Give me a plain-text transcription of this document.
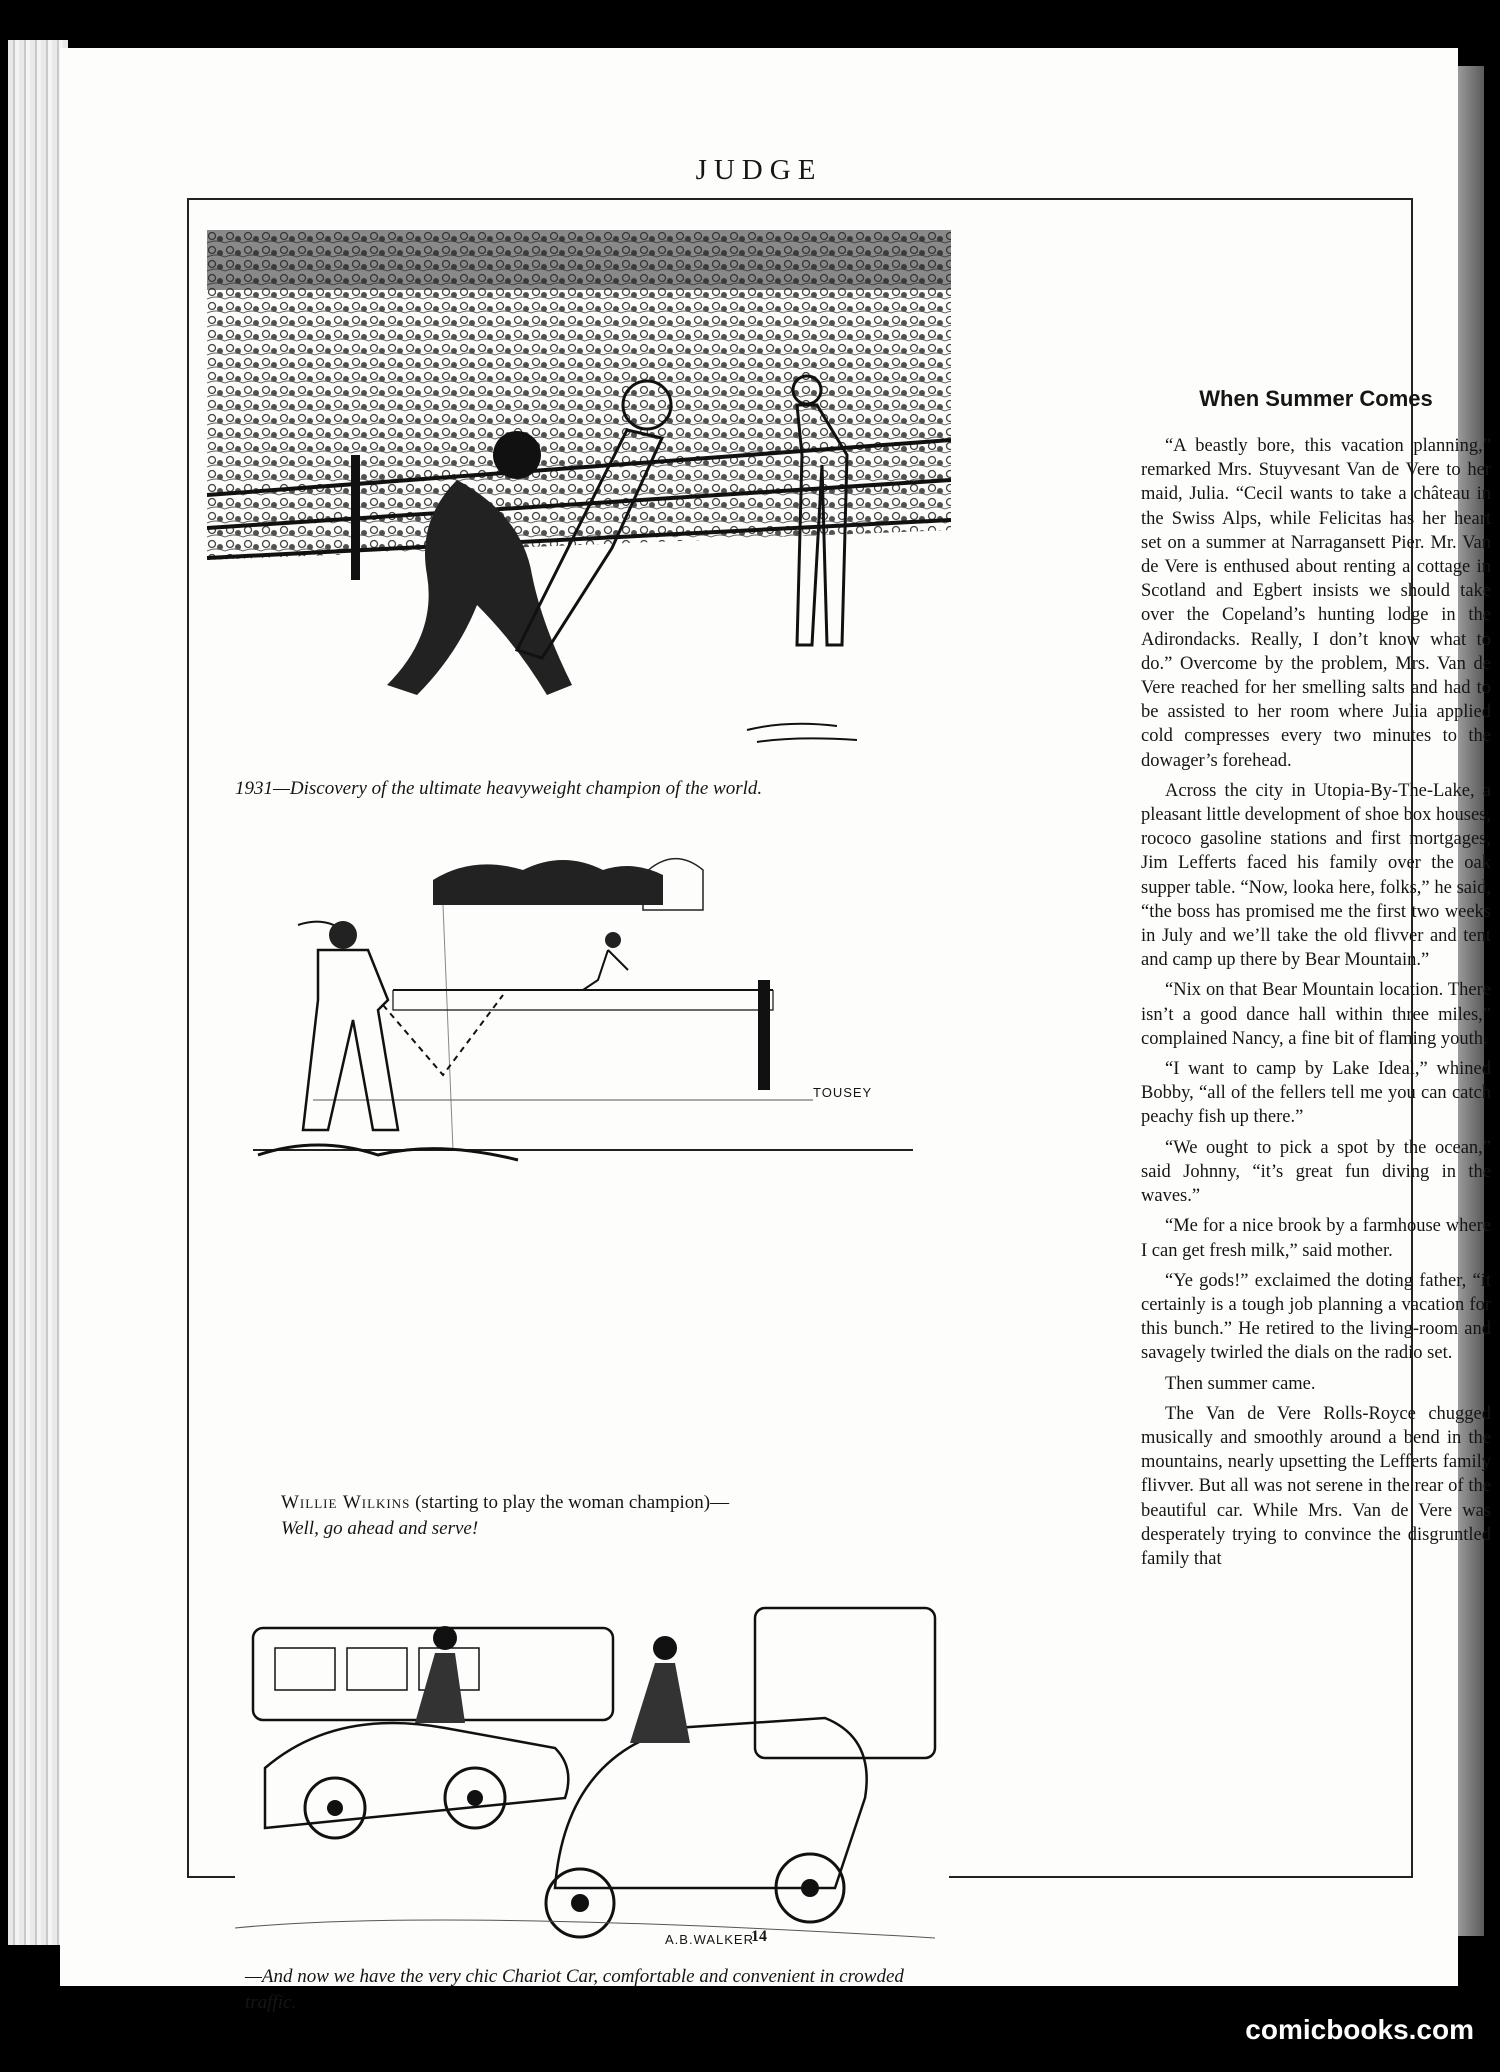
JUDGE
1931—Discovery of the ultimate heavyweight champion of the world.
TOUSEY
Willie Wilkins (starting to play the woman champion)—
Well, go ahead and serve!
A.B.WALKER
—And now we have the very chic Chariot Car, comfortable and convenient in crowded traffic.
When Summer Comes

“A beastly bore, this vacation planning,” remarked Mrs. Stuyvesant Van de Vere to her maid, Julia. “Cecil wants to take a château in the Swiss Alps, while Felicitas has her heart set on a summer at Narragansett Pier. Mr. Van de Vere is enthused about renting a cottage in Scotland and Egbert insists we should take over the Copeland’s hunting lodge in the Adirondacks. Really, I don’t know what to do.” Overcome by the problem, Mrs. Van de Vere reached for her smelling salts and had to be assisted to her room where Julia applied cold compresses every two minutes to the dowager’s forehead.

Across the city in Utopia-By-The-Lake, a pleasant little development of shoe box houses, rococo gasoline stations and first mortgages, Jim Lefferts faced his family over the oak supper table. “Now, looka here, folks,” he said, “the boss has promised me the first two weeks in July and we’ll take the old flivver and tent and camp up there by Bear Mountain.”

“Nix on that Bear Mountain location. There isn’t a good dance hall within three miles,” complained Nancy, a fine bit of flaming youth.

“I want to camp by Lake Ideal,” whined Bobby, “all of the fellers tell me you can catch peachy fish up there.”

“We ought to pick a spot by the ocean,” said Johnny, “it’s great fun diving in the waves.”

“Me for a nice brook by a farmhouse where I can get fresh milk,” said mother.

“Ye gods!” exclaimed the doting father, “it certainly is a tough job planning a vacation for this bunch.” He retired to the living-room and savagely twirled the dials on the radio set.

Then summer came.

The Van de Vere Rolls-Royce chugged musically and smoothly around a bend in the mountains, nearly upsetting the Lefferts family flivver. But all was not serene in the rear of the beautiful car. While Mrs. Van de Vere was desperately trying to convince the disgruntled family that

14
comicbooks.com
